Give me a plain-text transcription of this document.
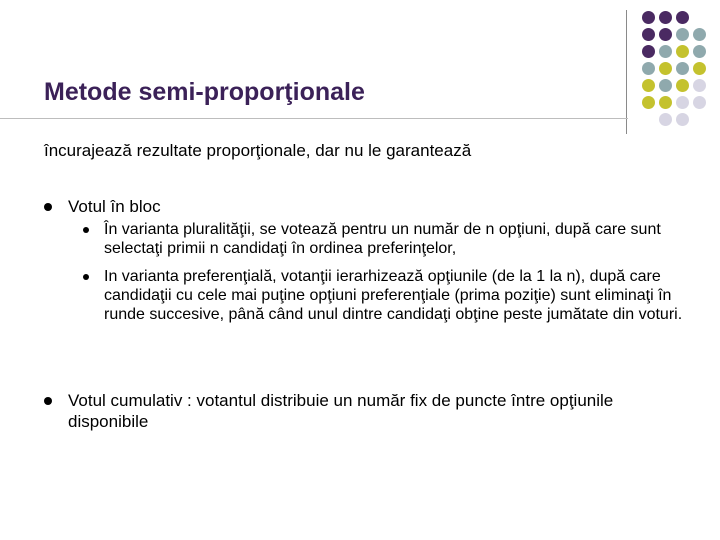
Metode semi-proporţionale
încurajează rezultate proporţionale, dar nu le garantează
Votul în bloc
În varianta pluralităţii, se votează pentru un număr de n opţiuni, după care sunt selectaţi primii n candidaţi în ordinea preferinţelor,
In varianta preferenţială, votanţii ierarhizează opţiunile (de la 1 la n), după care candidaţii cu cele mai puţine opţiuni preferenţiale (prima poziţie) sunt eliminaţi în runde succesive, până când unul dintre candidaţi obţine peste jumătate din voturi.
Votul cumulativ : votantul distribuie un număr fix de puncte între opţiunile disponibile
